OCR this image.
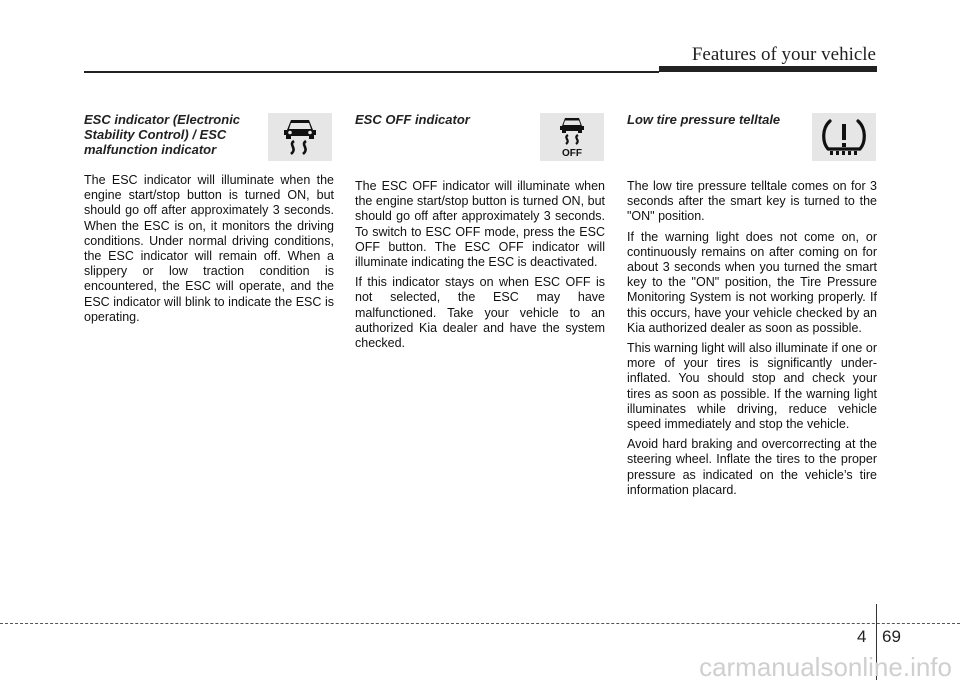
Features of your vehicle
ESC indicator (Electronic Stability Control) / ESC malfunction indicator

The ESC indicator will illuminate when the engine start/stop button is turned ON, but should go off after approximately 3 seconds. When the ESC is on, it monitors the driving conditions. Under normal driving conditions, the ESC indicator will remain off. When a slippery or low traction condition is encountered, the ESC will operate, and the ESC indicator will blink to indicate the ESC is operating.

ESC OFF indicator

The ESC OFF indicator will illuminate when the engine start/stop button is turned ON, but should go off after approximately 3 seconds. To switch to ESC OFF mode, press the ESC OFF button. The ESC OFF indicator will illuminate indicating the ESC is deactivated.

If this indicator stays on when ESC OFF is not selected, the ESC may have malfunctioned. Take your vehicle to an authorized Kia dealer and have the system checked.

OFF
Low tire pressure telltale

The low tire pressure telltale comes on for 3 seconds after the smart key is turned to the "ON" position.

If the warning light does not come on, or continuously remains on after coming on for about 3 seconds when you turned the smart key to the "ON" position, the Tire Pressure Monitoring System is not working properly. If this occurs, have your vehicle checked by an Kia authorized dealer as soon as possible.

This warning light will also illuminate if one or more of your tires is significantly under-inflated. You should stop and check your tires as soon as possible. If the warning light illuminates while driving, reduce vehicle speed immediately and stop the vehicle.

Avoid hard braking and overcorrecting at the steering wheel. Inflate the tires to the proper pressure as indicated on the vehicle’s tire information placard.

4 69
carmanualsonline.info
